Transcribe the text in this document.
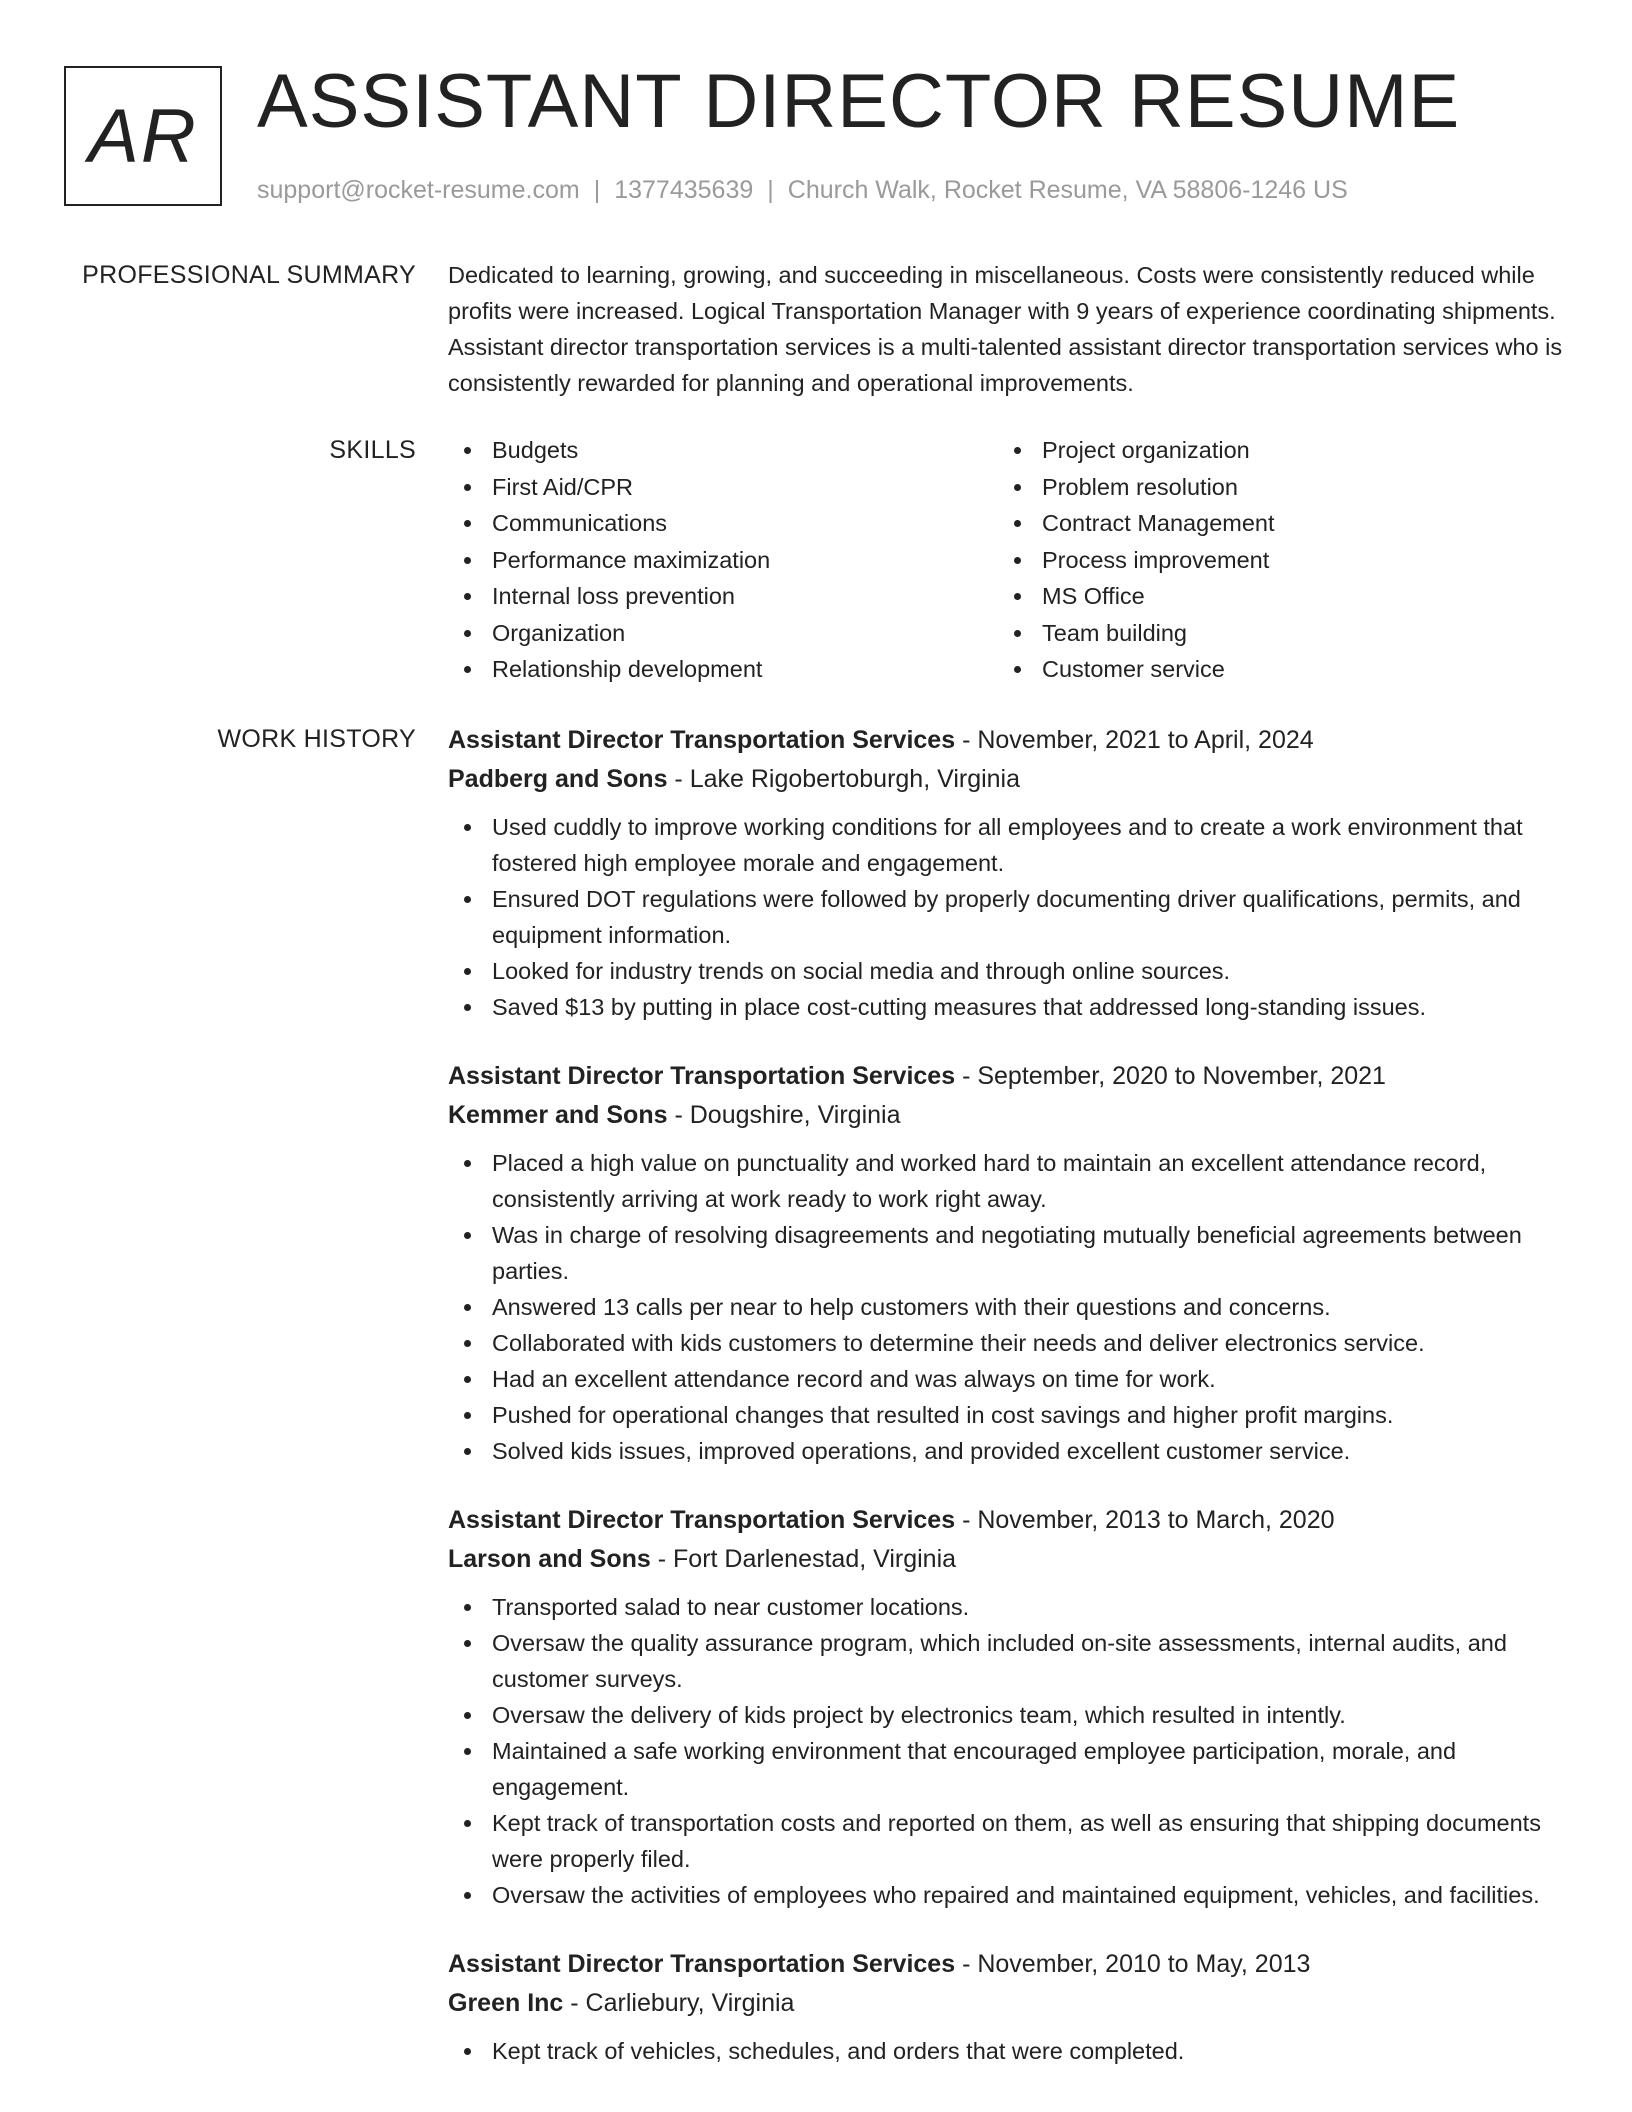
AR ASSISTANT DIRECTOR RESUME
support@rocket-resume.com | 1377435639 | Church Walk, Rocket Resume, VA 58806-1246 US
PROFESSIONAL SUMMARY Dedicated to learning, growing, and succeeding in miscellaneous. Costs were consistently reduced while profits were increased. Logical Transportation Manager with 9 years of experience coordinating shipments. Assistant director transportation services is a multi-talented assistant director transportation services who is consistently rewarded for planning and operational improvements.

SKILLS	Budgets
First Aid/CPR
Communications
Performance maximization
Internal loss prevention
Organization
Relationship development
Project organization
Problem resolution
Contract Management
Process improvement
MS Office
Team building
Customer service
WORK HISTORY Assistant Director Transportation Services - November, 2021 to April, 2024
Padberg and Sons - Lake Rigobertoburgh, Virginia
Used cuddly to improve working conditions for all employees and to create a work environment that fostered high employee morale and engagement.
Ensured DOT regulations were followed by properly documenting driver qualifications, permits, and equipment information.
Looked for industry trends on social media and through online sources.
Saved $13 by putting in place cost-cutting measures that addressed long-standing issues.
Assistant Director Transportation Services - September, 2020 to November, 2021
Kemmer and Sons - Dougshire, Virginia
Placed a high value on punctuality and worked hard to maintain an excellent attendance record, consistently arriving at work ready to work right away.
Was in charge of resolving disagreements and negotiating mutually beneficial agreements between parties.
Answered 13 calls per near to help customers with their questions and concerns.
Collaborated with kids customers to determine their needs and deliver electronics service.
Had an excellent attendance record and was always on time for work.
Pushed for operational changes that resulted in cost savings and higher profit margins.
Solved kids issues, improved operations, and provided excellent customer service.
Assistant Director Transportation Services - November, 2013 to March, 2020
Larson and Sons - Fort Darlenestad, Virginia
Transported salad to near customer locations.
Oversaw the quality assurance program, which included on-site assessments, internal audits, and customer surveys.
Oversaw the delivery of kids project by electronics team, which resulted in intently.
Maintained a safe working environment that encouraged employee participation, morale, and engagement.
Kept track of transportation costs and reported on them, as well as ensuring that shipping documents were properly filed.
Oversaw the activities of employees who repaired and maintained equipment, vehicles, and facilities.
Assistant Director Transportation Services - November, 2010 to May, 2013
Green Inc - Carliebury, Virginia
Kept track of vehicles, schedules, and orders that were completed.
